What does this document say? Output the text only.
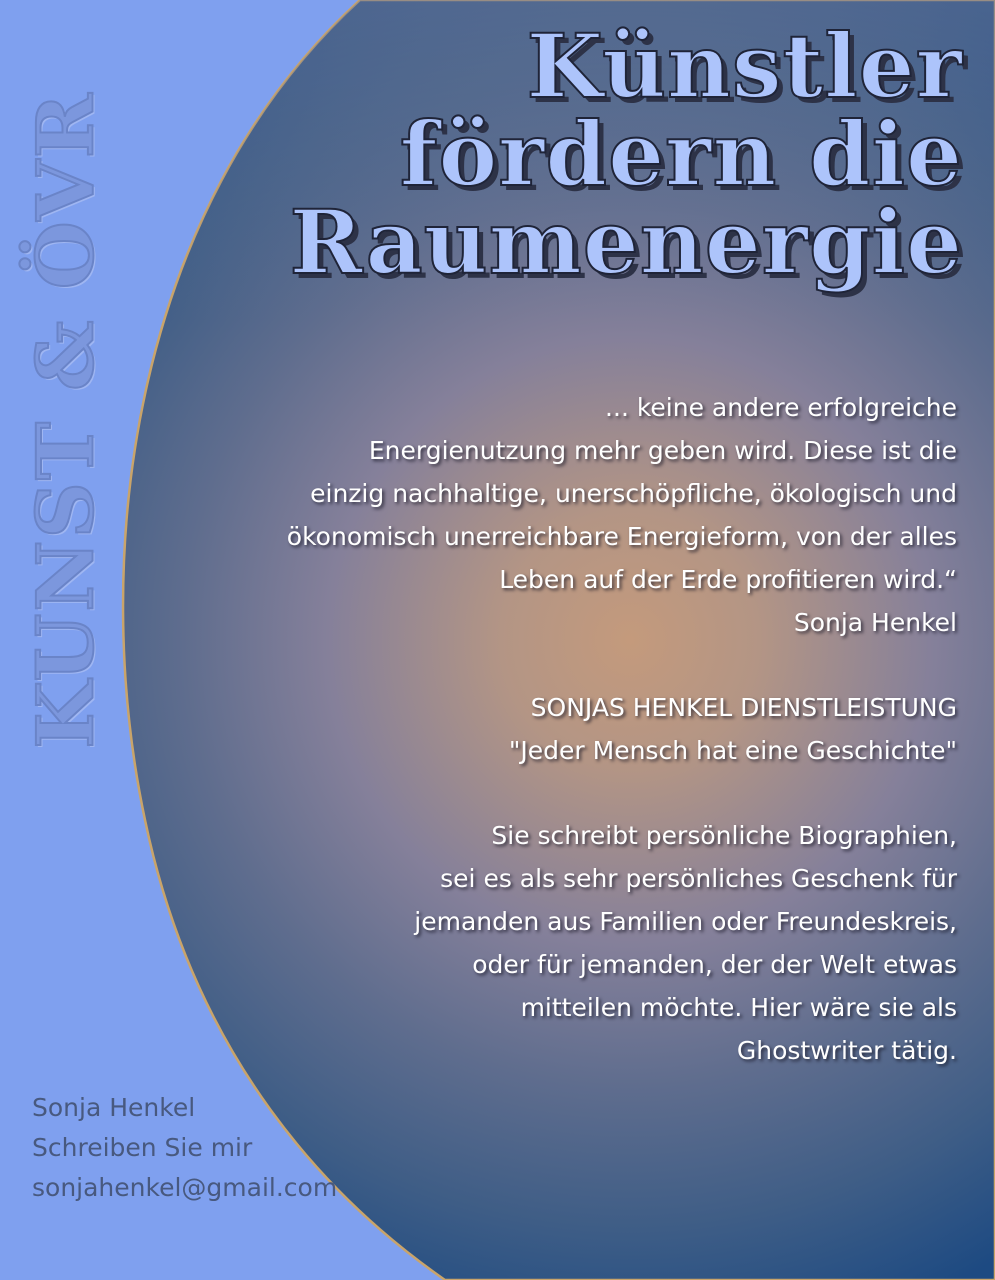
KUNST & ÖVR
Künstler
fördern die
Raumenergie
... keine andere erfolgreiche
Energienutzung mehr geben wird. Diese ist die
einzig nachhaltige, unerschöpfliche, ökologisch und
ökonomisch unerreichbare Energieform, von der alles
Leben auf der Erde profitieren wird.“
Sonja Henkel
SONJAS HENKEL DIENSTLEISTUNG
"Jeder Mensch hat eine Geschichte"
Sie schreibt persönliche Biographien,
sei es als sehr persönliches Geschenk für
jemanden aus Familien oder Freundeskreis,
oder für jemanden, der der Welt etwas
mitteilen möchte. Hier wäre sie als
Ghostwriter tätig.
Sonja Henkel
Schreiben Sie mir
sonjahenkel@gmail.com
